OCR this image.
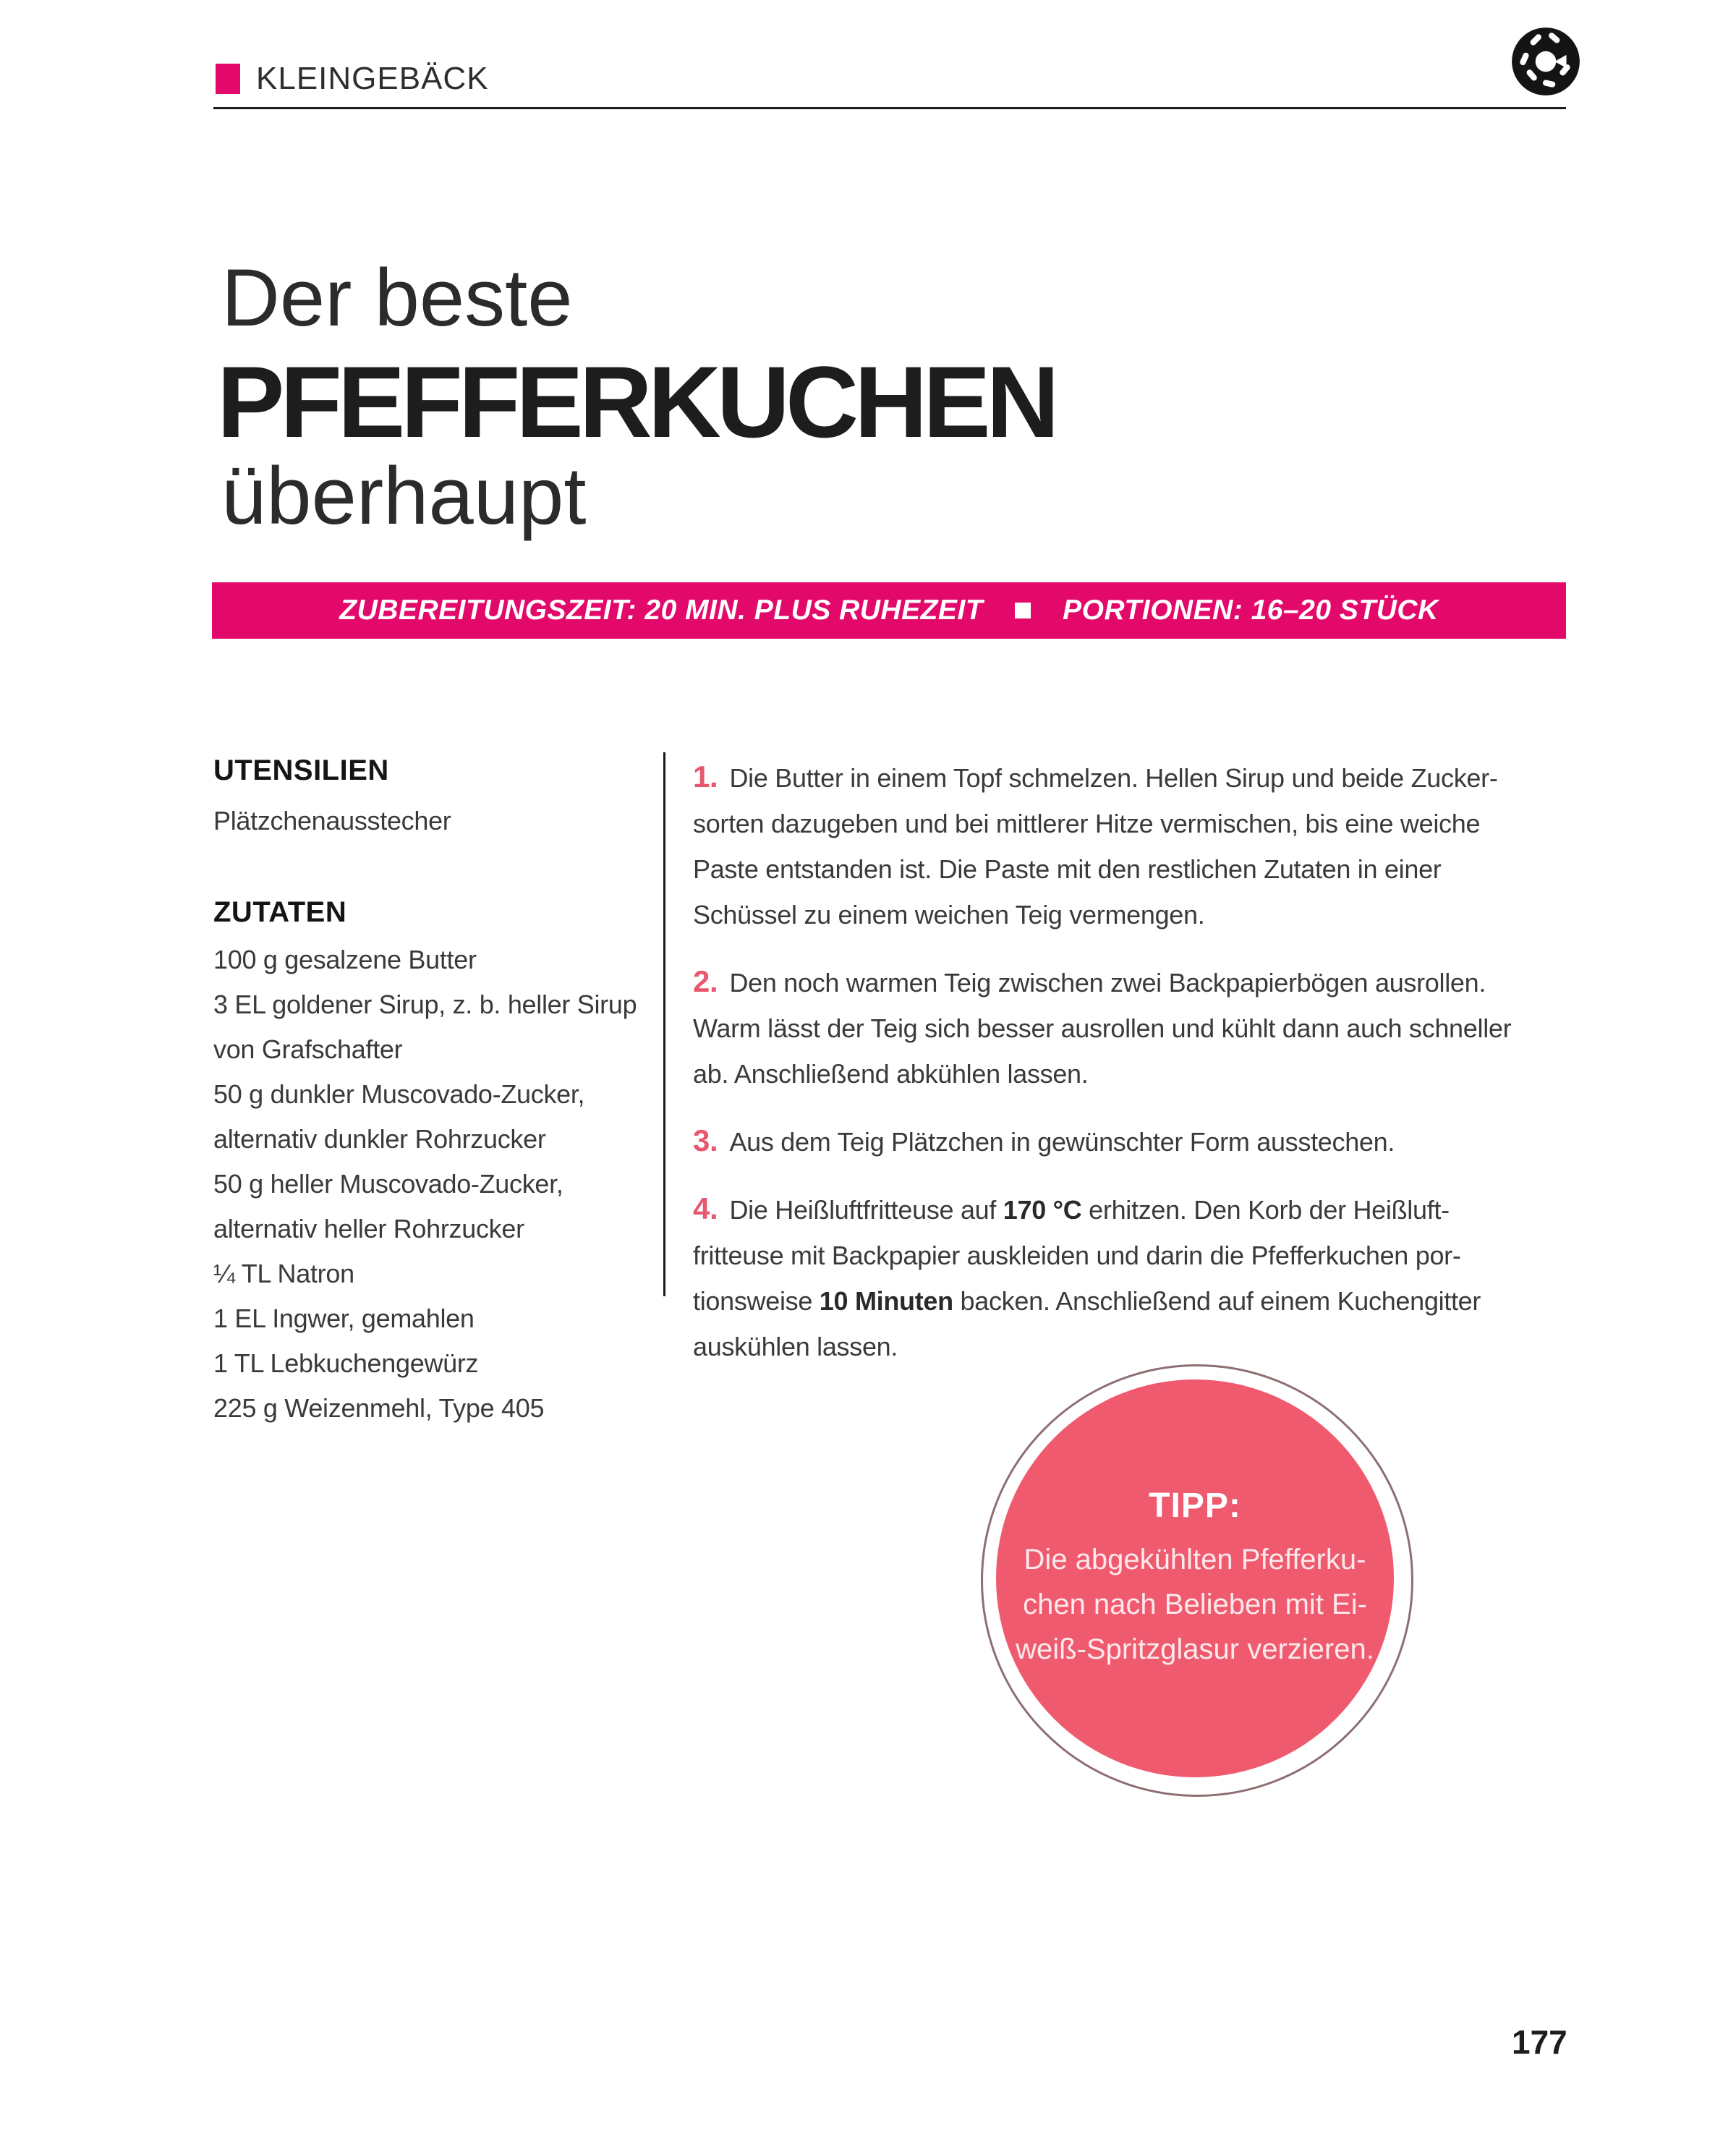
KLEINGEBÄCK
Der beste
PFEFFERKUCHEN
überhaupt
ZUBEREITUNGSZEIT: 20 MIN. PLUS RUHEZEIT	PORTIONEN: 16–20 STÜCK
UTENSILIEN
Plätzchenausstecher
ZUTATEN
100 g gesalzene Butter
3 EL goldener Sirup, z. b. heller Sirup
von Grafschafter
50 g dunkler Muscovado-Zucker,
alternativ dunkler Rohrzucker
50 g heller Muscovado-Zucker,
alternativ heller Rohrzucker
¼ TL Natron
1 EL Ingwer, gemahlen
1 TL Lebkuchengewürz
225 g Weizenmehl, Type 405
1. Die Butter in einem Topf schmelzen. Hellen Sirup und beide Zucker-
sorten dazugeben und bei mittlerer Hitze vermischen, bis eine weiche
Paste entstanden ist. Die Paste mit den restlichen Zutaten in einer
Schüssel zu einem weichen Teig vermengen.
2. Den noch warmen Teig zwischen zwei Backpapierbögen ausrollen.
Warm lässt der Teig sich besser ausrollen und kühlt dann auch schneller
ab. Anschließend abkühlen lassen.
3. Aus dem Teig Plätzchen in gewünschter Form ausstechen.
4. Die Heißluftfritteuse auf 170 °C erhitzen. Den Korb der Heißluft-
fritteuse mit Backpapier auskleiden und darin die Pfefferkuchen por-
tionsweise 10 Minuten backen. Anschließend auf einem Kuchengitter
auskühlen lassen.
TIPP:
Die abgekühlten Pfefferku-
chen nach Belieben mit Ei-
weiß-Spritzglasur verzieren.
177
